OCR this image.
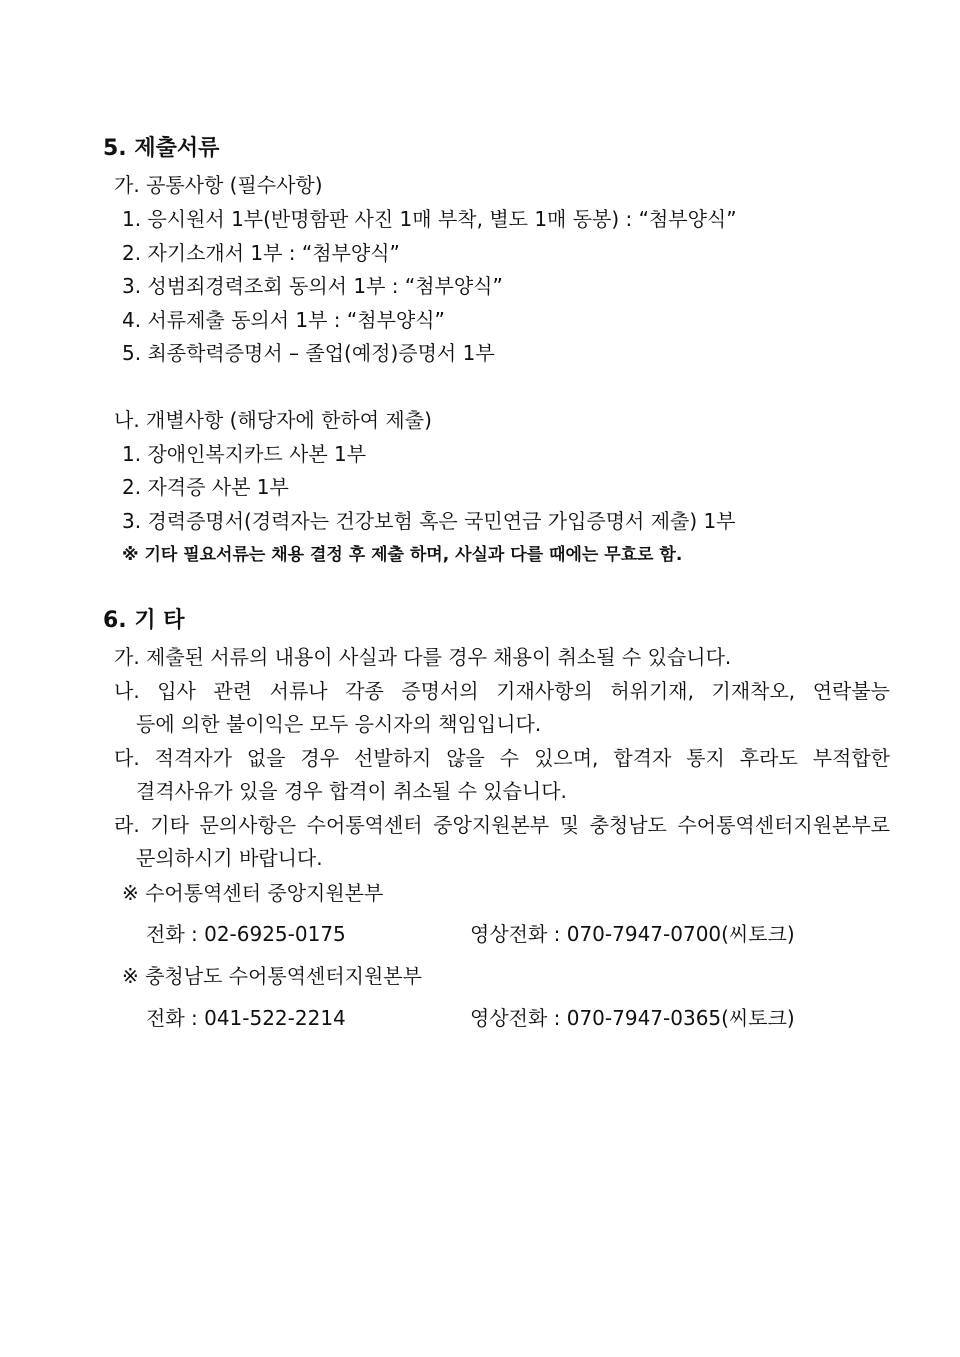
5. 제출서류
가. 공통사항 (필수사항)
1. 응시원서 1부(반명함판 사진 1매 부착, 별도 1매 동봉) : “첨부양식”
2. 자기소개서 1부 : “첨부양식”
3. 성범죄경력조회 동의서 1부 : “첨부양식”
4. 서류제출 동의서 1부 : “첨부양식”
5. 최종학력증명서 – 졸업(예정)증명서 1부
나. 개별사항 (해당자에 한하여 제출)
1. 장애인복지카드 사본 1부
2. 자격증 사본 1부
3. 경력증명서(경력자는 건강보험 혹은 국민연금 가입증명서 제출) 1부
※ 기타 필요서류는 채용 결정 후 제출 하며, 사실과 다를 때에는 무효로 함.
6. 기 타
가. 제출된 서류의 내용이 사실과 다를 경우 채용이 취소될 수 있습니다.
나. 입사 관련 서류나 각종 증명서의 기재사항의 허위기재, 기재착오, 연락불능
등에 의한 불이익은 모두 응시자의 책임입니다.
다. 적격자가 없을 경우 선발하지 않을 수 있으며, 합격자 통지 후라도 부적합한
결격사유가 있을 경우 합격이 취소될 수 있습니다.
라. 기타 문의사항은 수어통역센터 중앙지원본부 및 충청남도 수어통역센터지원본부로
문의하시기 바랍니다.
※ 수어통역센터 중앙지원본부
전화 : 02-6925-0175	영상전화 : 070-7947-0700(씨토크)
※ 충청남도 수어통역센터지원본부
전화 : 041-522-2214	영상전화 : 070-7947-0365(씨토크)
